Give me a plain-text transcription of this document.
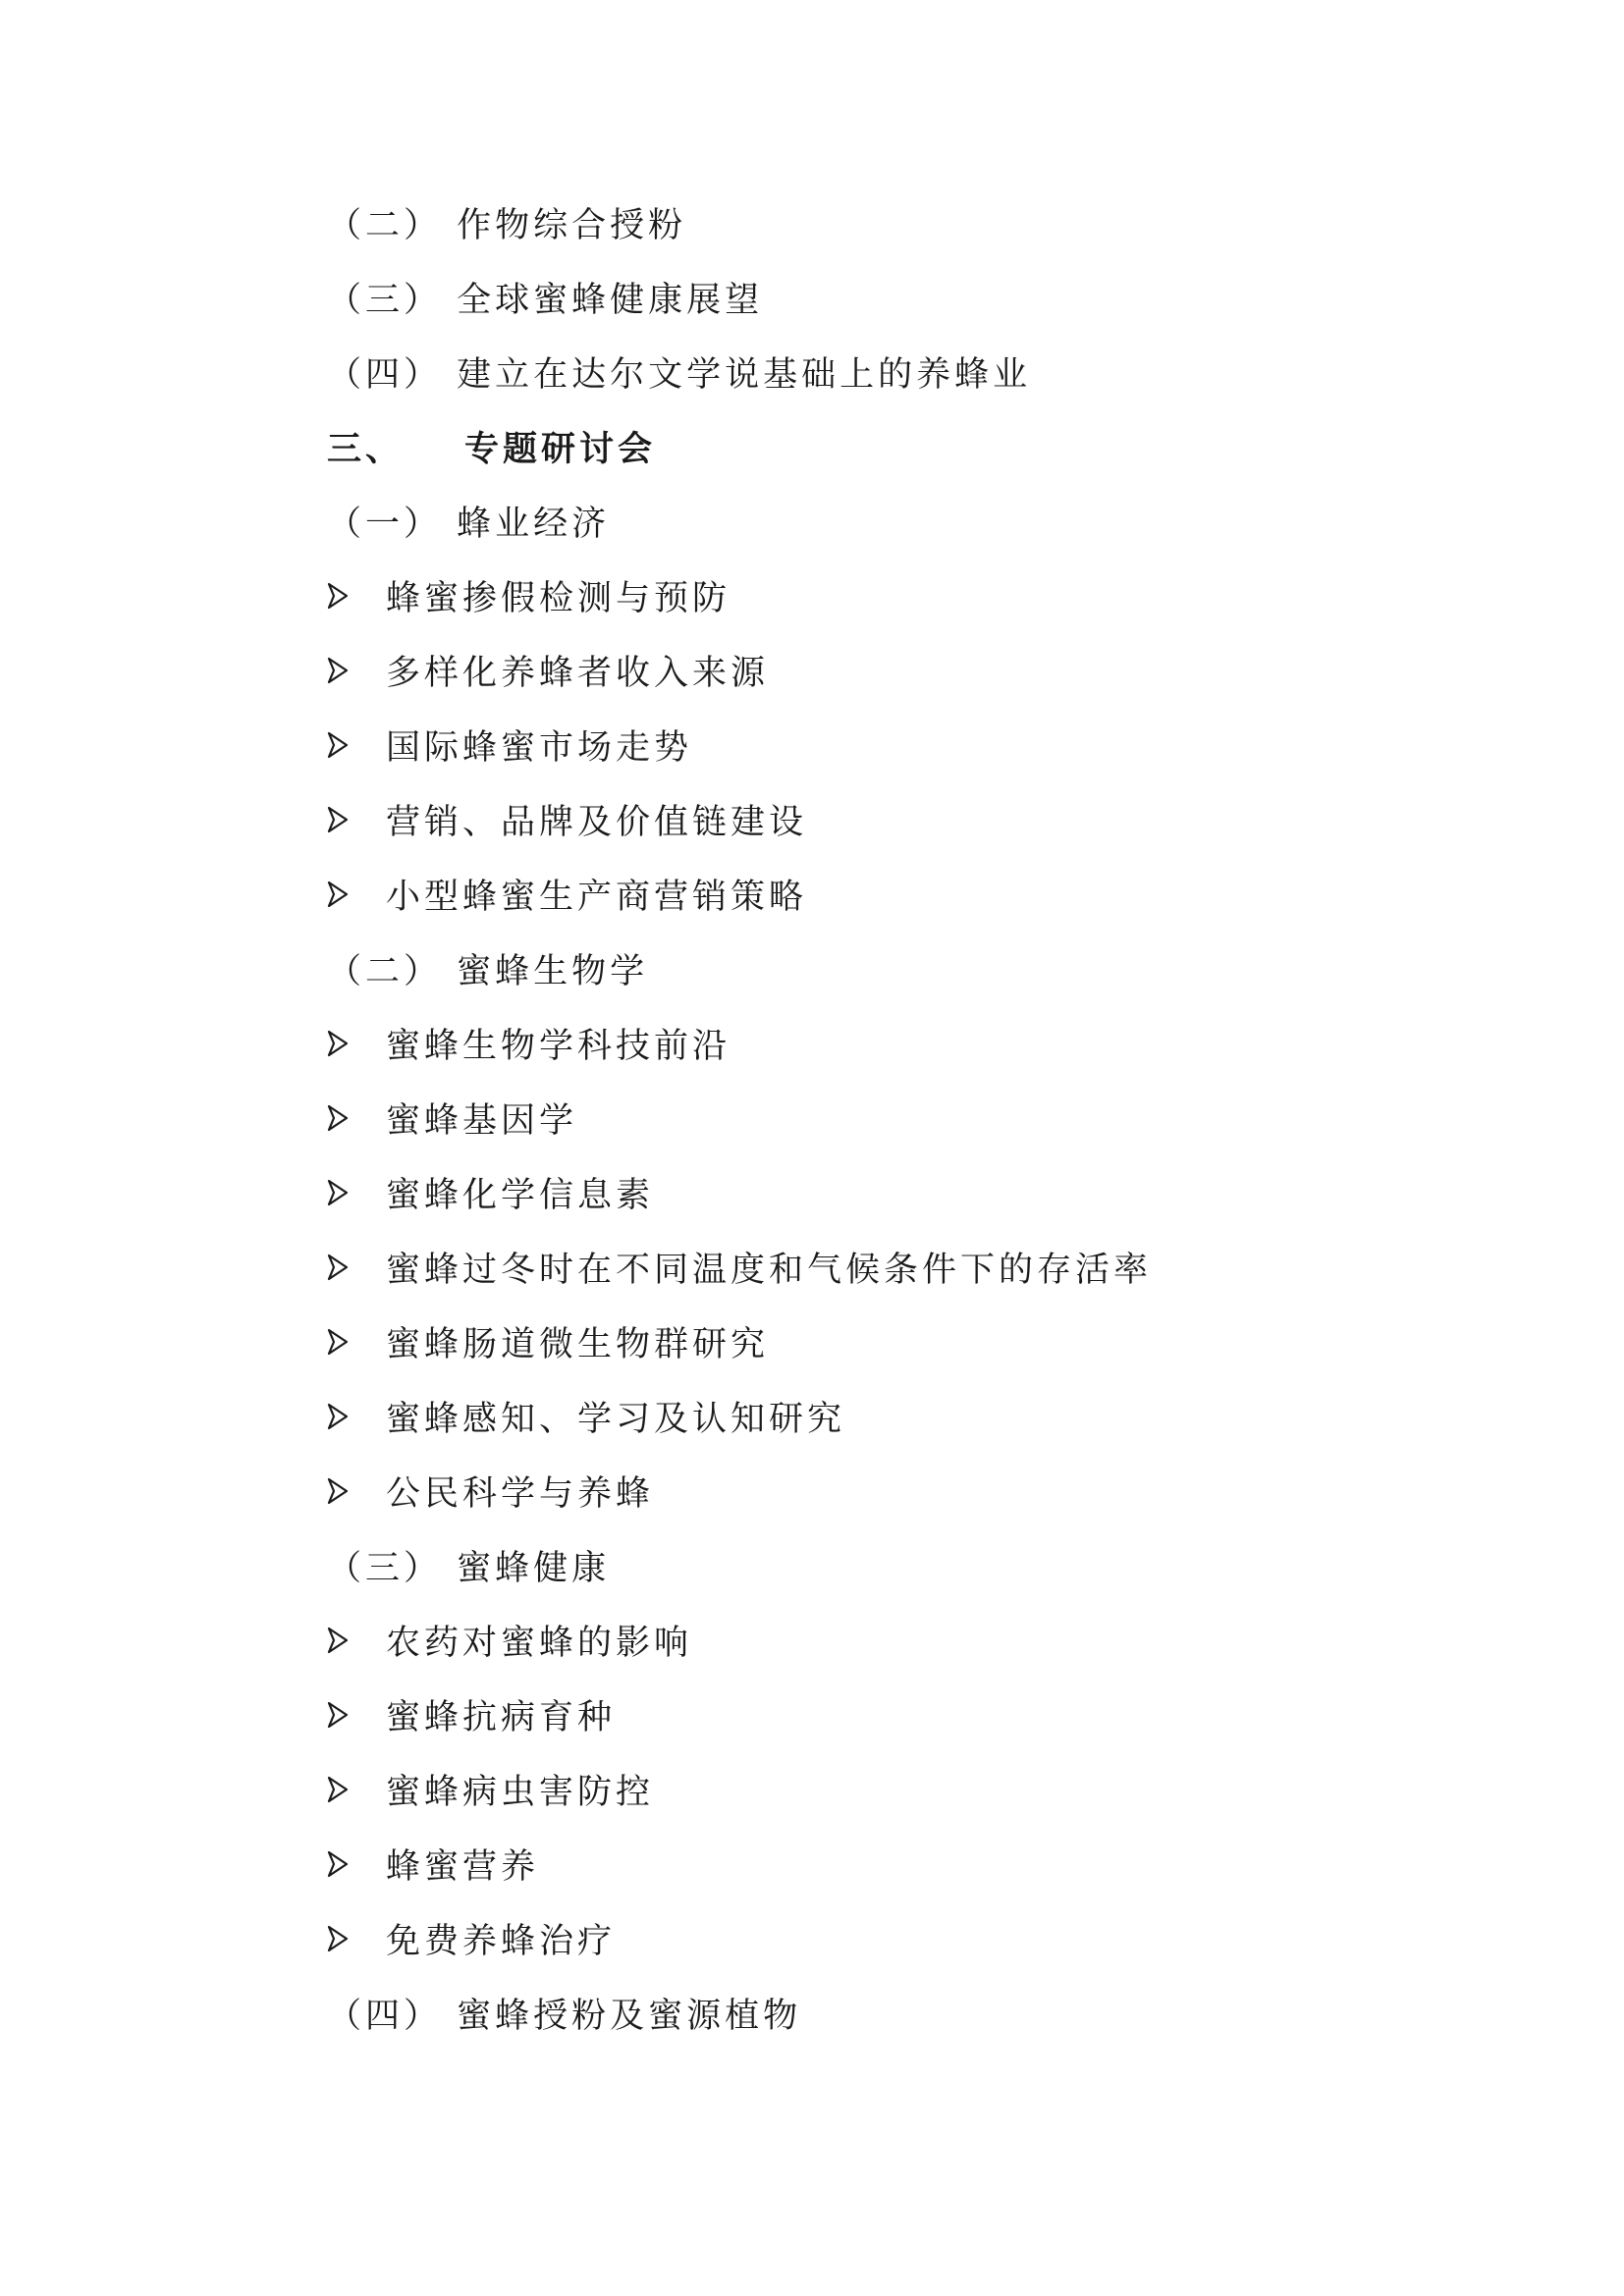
（二） 作物综合授粉
（三） 全球蜜蜂健康展望
（四） 建立在达尔文学说基础上的养蜂业
三、	专题研讨会
（一） 蜂业经济
蜂蜜掺假检测与预防
多样化养蜂者收入来源
国际蜂蜜市场走势
营销、品牌及价值链建设
小型蜂蜜生产商营销策略
（二） 蜜蜂生物学
蜜蜂生物学科技前沿
蜜蜂基因学
蜜蜂化学信息素
蜜蜂过冬时在不同温度和气候条件下的存活率
蜜蜂肠道微生物群研究
蜜蜂感知、学习及认知研究
公民科学与养蜂
（三） 蜜蜂健康
农药对蜜蜂的影响
蜜蜂抗病育种
蜜蜂病虫害防控
蜂蜜营养
免费养蜂治疗
（四） 蜜蜂授粉及蜜源植物
